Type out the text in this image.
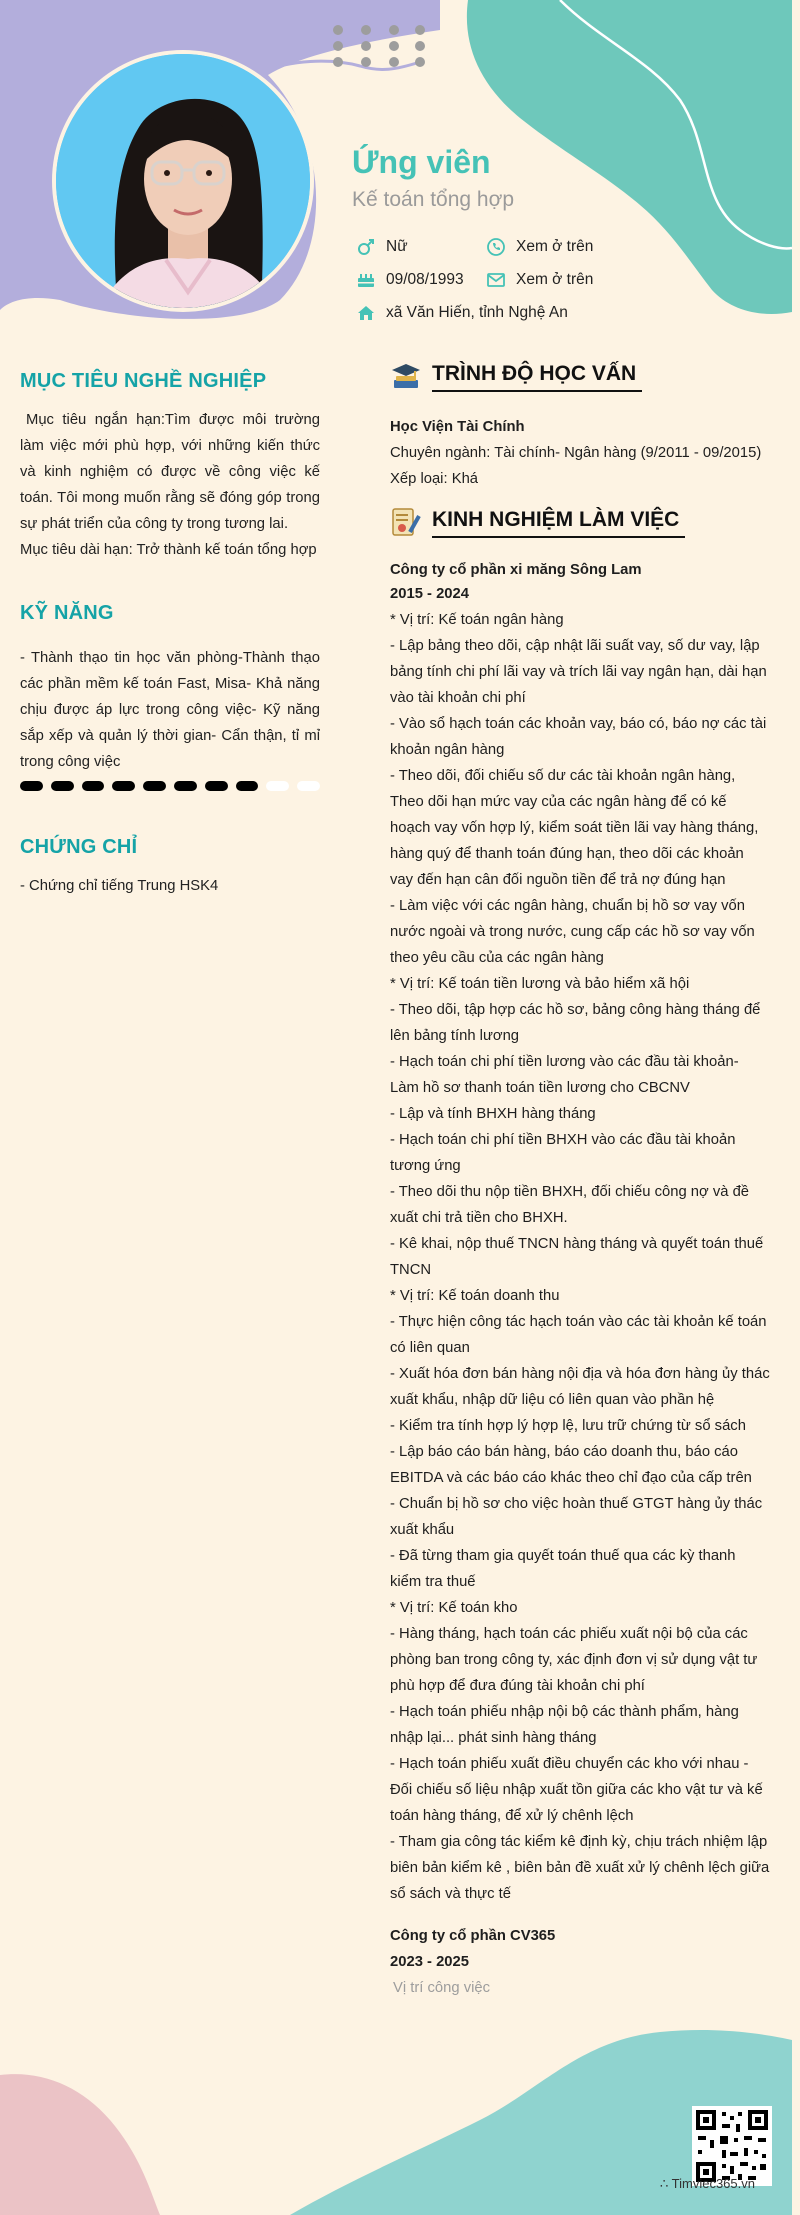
Ứng viên
Kế toán tổng hợp
Nữ	Xem ở trên
09/08/1993	Xem ở trên
xã Văn Hiến, tỉnh Nghệ An
MỤC TIÊU NGHỀ NGHIỆP
Mục tiêu ngắn hạn:Tìm được môi trường làm việc mới phù hợp, với những kiến thức và kinh nghiệm có được về công việc kế toán. Tôi mong muốn rằng sẽ đóng góp trong sự phát triển của công ty trong tương lai.
Mục tiêu dài hạn: Trở thành kế toán tổng hợp
KỸ NĂNG
- Thành thạo tin học văn phòng-Thành thạo các phần mềm kế toán Fast, Misa- Khả năng chịu được áp lực trong công việc- Kỹ năng sắp xếp và quản lý thời gian- Cẩn thận, tỉ mỉ trong công việc
CHỨNG CHỈ
- Chứng chỉ tiếng Trung HSK4
TRÌNH ĐỘ HỌC VẤN
Học Viện Tài Chính
Chuyên ngành: Tài chính- Ngân hàng (9/2011 - 09/2015)
Xếp loại: Khá
KINH NGHIỆM LÀM VIỆC
Công ty cổ phần xi măng Sông Lam
2015 - 2024
* Vị trí: Kế toán ngân hàng
- Lập bảng theo dõi, cập nhật lãi suất vay, số dư vay, lập bảng tính chi phí lãi vay và trích lãi vay ngân hạn, dài hạn vào tài khoản chi phí
- Vào sổ hạch toán các khoản vay, báo có, báo nợ các tài khoản ngân hàng
- Theo dõi, đối chiếu số dư các tài khoản ngân hàng, Theo dõi hạn mức vay của các ngân hàng để có kế hoạch vay vốn hợp lý, kiểm soát tiền lãi vay hàng tháng, hàng quý để thanh toán đúng hạn, theo dõi các khoản vay đến hạn cân đối nguồn tiền để trả nợ đúng hạn
- Làm việc với các ngân hàng, chuẩn bị hồ sơ vay vốn nước ngoài và trong nước, cung cấp các hồ sơ vay vốn theo yêu cầu của các ngân hàng
* Vị trí: Kế toán tiền lương và bảo hiểm xã hội
- Theo dõi, tập hợp các hồ sơ, bảng công hàng tháng để lên bảng tính lương
- Hạch toán chi phí tiền lương vào các đầu tài khoản- Làm hồ sơ thanh toán tiền lương cho CBCNV
- Lập và tính BHXH hàng tháng
- Hạch toán chi phí tiền BHXH vào các đầu tài khoản tương ứng
- Theo dõi thu nộp tiền BHXH, đối chiếu công nợ và đề xuất chi trả tiền cho BHXH.
- Kê khai, nộp thuế TNCN hàng tháng và quyết toán thuế TNCN
* Vị trí: Kế toán doanh thu
- Thực hiện công tác hạch toán vào các tài khoản kế toán có liên quan
- Xuất hóa đơn bán hàng nội địa và hóa đơn hàng ủy thác xuất khẩu, nhập dữ liệu có liên quan vào phần hệ
- Kiểm tra tính hợp lý hợp lệ, lưu trữ chứng từ sổ sách
- Lập báo cáo bán hàng, báo cáo doanh thu, báo cáo EBITDA và các báo cáo khác theo chỉ đạo của cấp trên
- Chuẩn bị hồ sơ cho việc hoàn thuế GTGT hàng ủy thác xuất khẩu
- Đã từng tham gia quyết toán thuế qua các kỳ thanh kiểm tra thuế
* Vị trí: Kế toán kho
- Hàng tháng, hạch toán các phiếu xuất nội bộ của các phòng ban trong công ty, xác định đơn vị sử dụng vật tư phù hợp để đưa đúng tài khoản chi phí
- Hạch toán phiếu nhập nội bộ các thành phẩm, hàng nhập lại... phát sinh hàng tháng
- Hạch toán phiếu xuất điều chuyển các kho với nhau - Đối chiếu số liệu nhập xuất tồn giữa các kho vật tư và kế toán hàng tháng, để xử lý chênh lệch
- Tham gia công tác kiểm kê định kỳ, chịu trách nhiệm lập biên bản kiểm kê , biên bản đề xuất xử lý chênh lệch giữa sổ sách và thực tế
Công ty cổ phần CV365
2023 - 2025
Vị trí công việc
∴ Timviec365.vn
